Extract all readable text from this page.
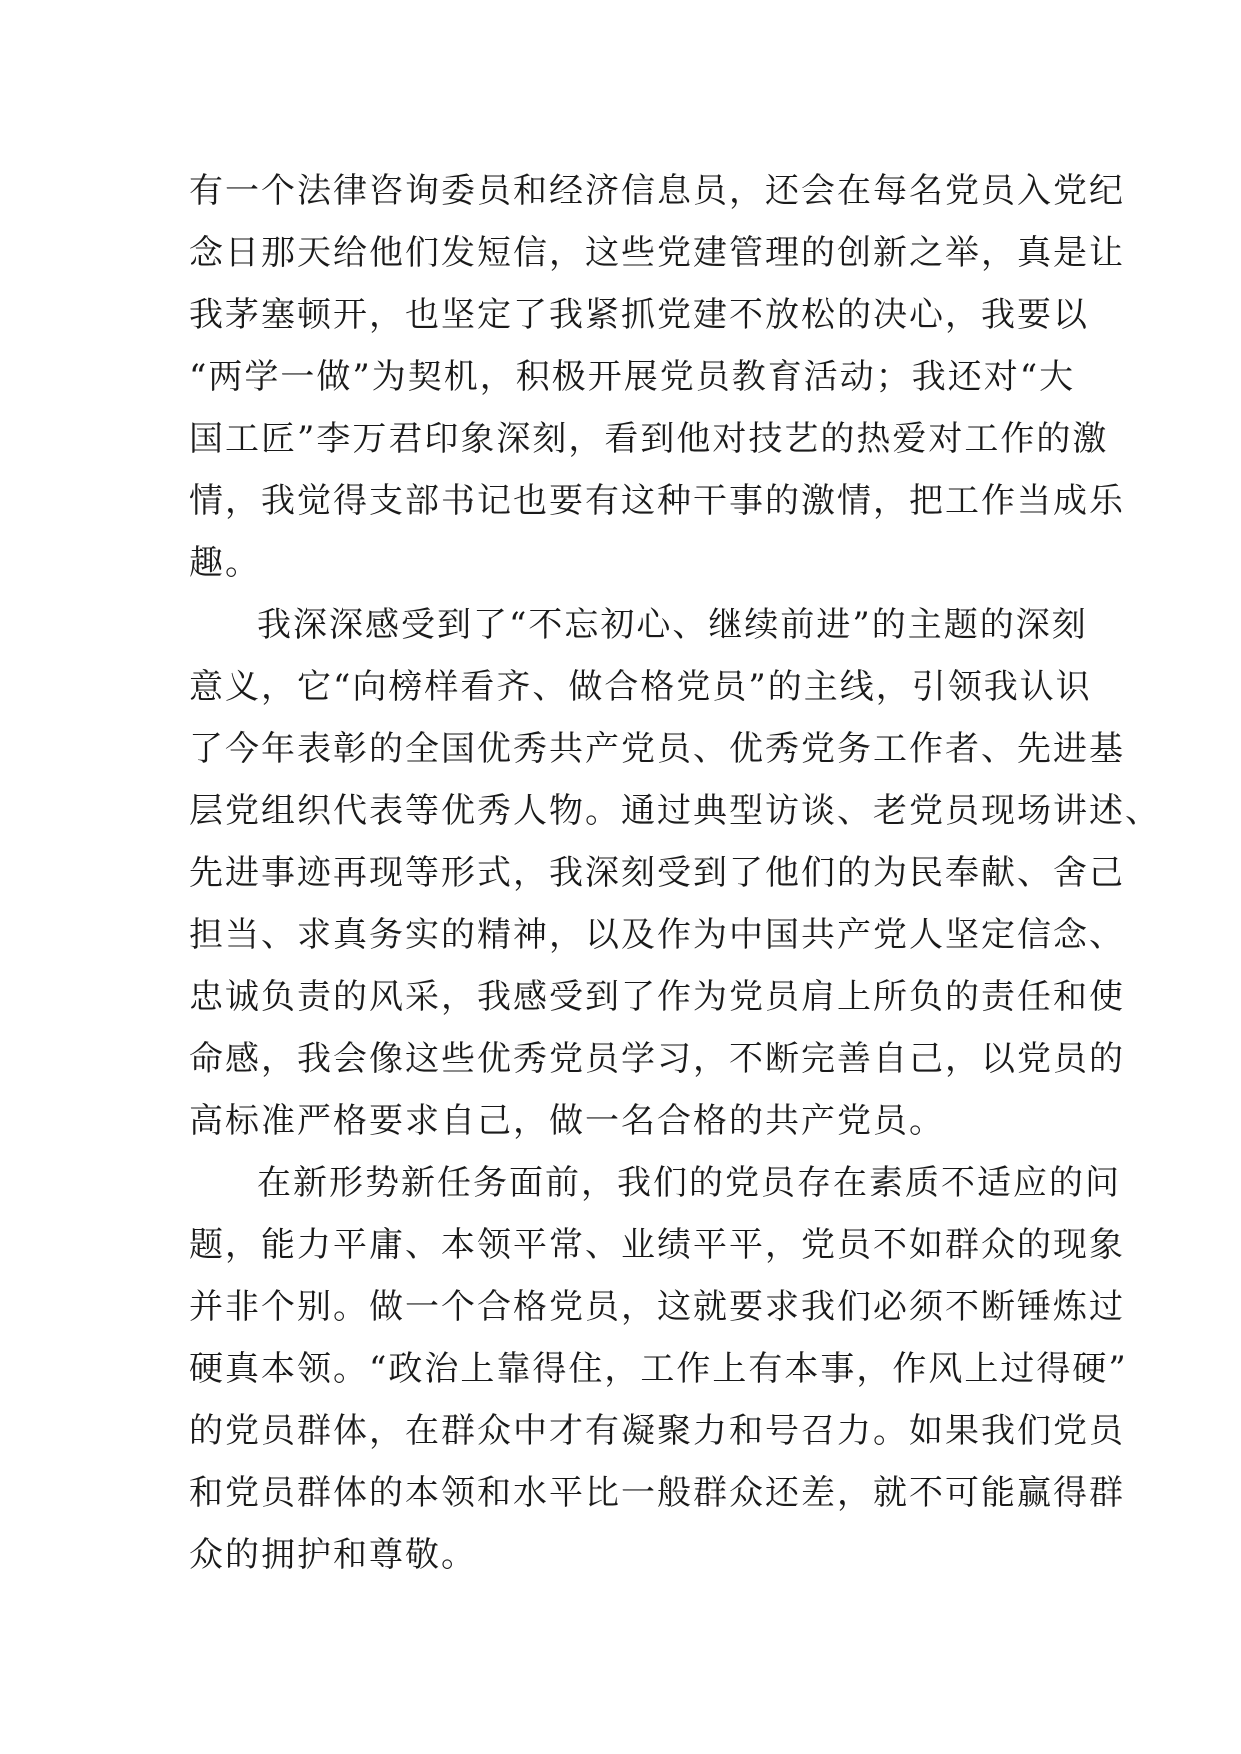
有一个法律咨询委员和经济信息员，还会在每名党员入党纪
念日那天给他们发短信，这些党建管理的创新之举，真是让
我茅塞顿开，也坚定了我紧抓党建不放松的决心，我要以
“两学一做”为契机，积极开展党员教育活动；我还对“大
国工匠”李万君印象深刻，看到他对技艺的热爱对工作的激
情，我觉得支部书记也要有这种干事的激情，把工作当成乐
趣。
我深深感受到了“不忘初心、继续前进”的主题的深刻
意义，它“向榜样看齐、做合格党员”的主线，引领我认识
了今年表彰的全国优秀共产党员、优秀党务工作者、先进基
层党组织代表等优秀人物。通过典型访谈、老党员现场讲述、
先进事迹再现等形式，我深刻受到了他们的为民奉献、舍己
担当、求真务实的精神，以及作为中国共产党人坚定信念、
忠诚负责的风采，我感受到了作为党员肩上所负的责任和使
命感，我会像这些优秀党员学习，不断完善自己，以党员的
高标准严格要求自己，做一名合格的共产党员。
在新形势新任务面前，我们的党员存在素质不适应的问
题，能力平庸、本领平常、业绩平平，党员不如群众的现象
并非个别。做一个合格党员，这就要求我们必须不断锤炼过
硬真本领。“政治上靠得住，工作上有本事，作风上过得硬”
的党员群体，在群众中才有凝聚力和号召力。如果我们党员
和党员群体的本领和水平比一般群众还差，就不可能赢得群
众的拥护和尊敬。
